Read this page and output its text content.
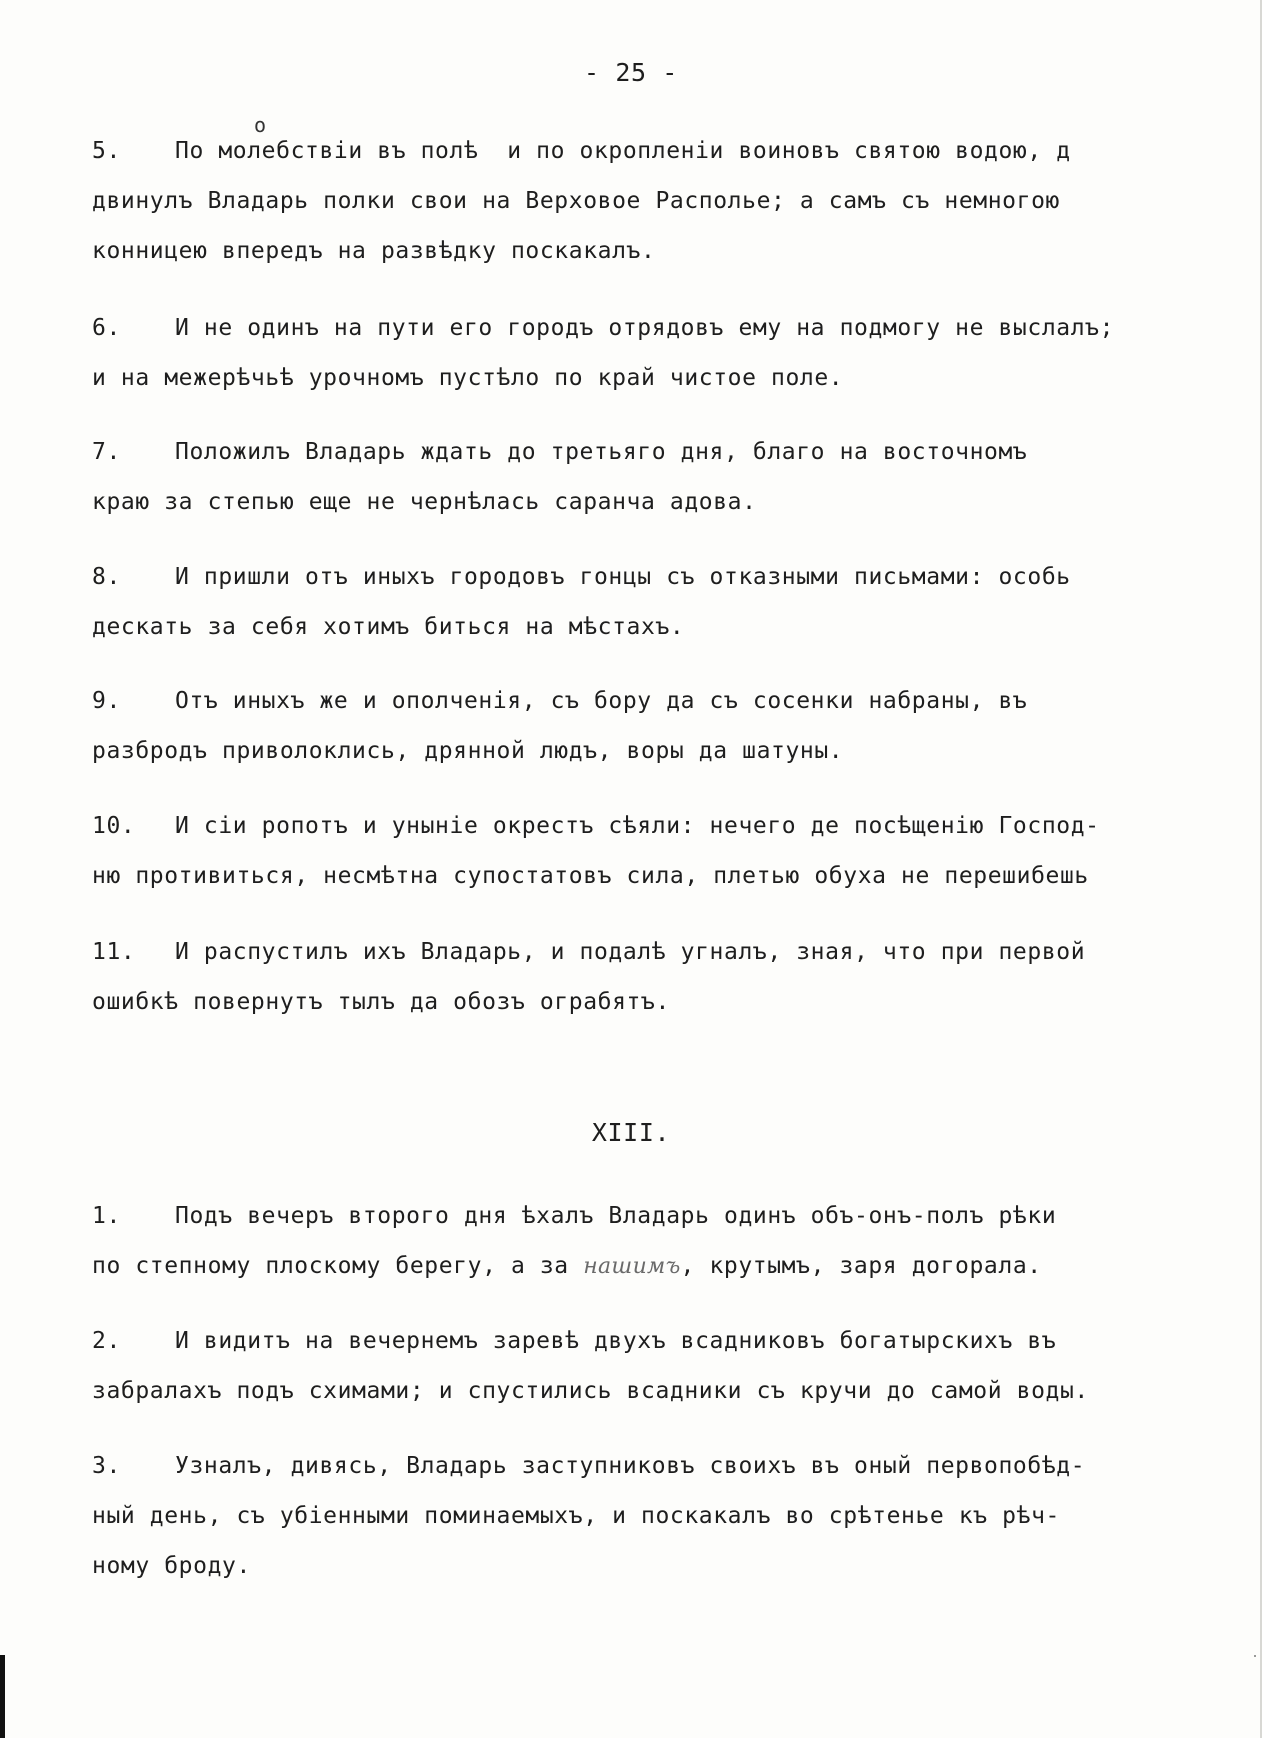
- 25 -
o
5. По молебствіи въ полѣ  и по окропленіи воиновъ святою водою, д
двинулъ Владарь полки свои на Верховое Располье; а самъ съ немногою
конницею впередъ на развѣдку поскакалъ.
6. И не одинъ на пути его городъ отрядовъ ему на подмогу не выслалъ;
и на межерѣчьѣ урочномъ пустѣло по край чистое поле.
7. Положилъ Владарь ждать до третьяго дня, благо на восточномъ
краю за степью еще не чернѣлась саранча адова.
8. И пришли отъ иныхъ городовъ гонцы съ отказными письмами: особь
дескать за себя хотимъ биться на мѣстахъ.
9. Отъ иныхъ же и ополченія, съ бору да съ сосенки набраны, въ
разбродъ приволоклись, дрянной людъ, воры да шатуны.
10. И сіи ропотъ и уныніе окрестъ сѣяли: нечего де посѣщенію Господ-
ню противиться, несмѣтна супостатовъ сила, плетью обуха не перешибешь
11. И распустилъ ихъ Владарь, и подалѣ угналъ, зная, что при первой
ошибкѣ повернутъ тылъ да обозъ ограбятъ.
XIII.
1. Подъ вечеръ второго дня ѣхалъ Владарь одинъ объ-онъ-полъ рѣки
по степному плоскому берегу, а за нашимъ, крутымъ, заря догорала.
2. И видитъ на вечернемъ заревѣ двухъ всадниковъ богатырскихъ въ
забралахъ подъ схимами; и спустились всадники съ кручи до самой воды.
3. Узналъ, дивясь, Владарь заступниковъ своихъ въ оный первопобѣд-
ный день, съ убіенными поминаемыхъ, и поскакалъ во срѣтенье къ рѣч-
ному броду.
